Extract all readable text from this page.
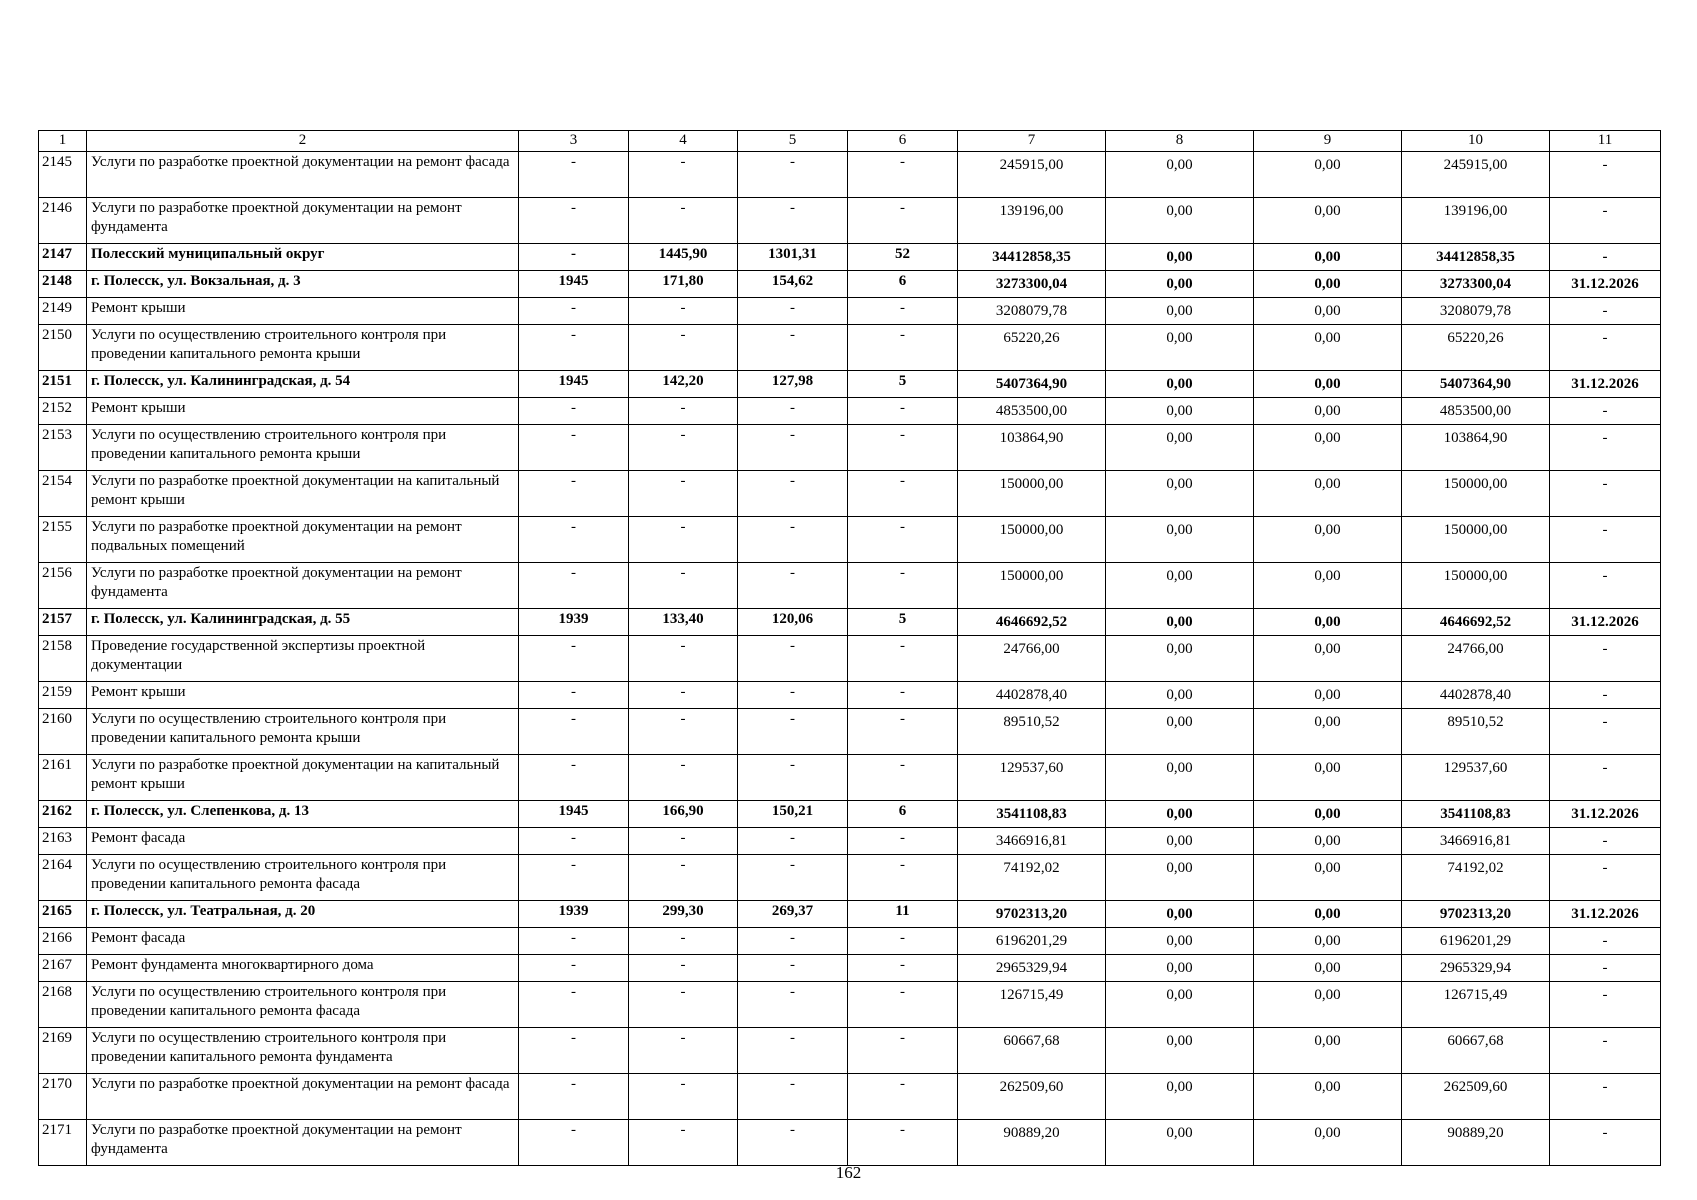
1	2	3	4	5	6	7	8	9	10	11
2145	Услуги по разработке проектной документации на ремонт фасада	-	-	-	-	245915,00	0,00	0,00	245915,00	-
2146	Услуги по разработке проектной документации на ремонт фундамента	-	-	-	-	139196,00	0,00	0,00	139196,00	-
2147	Полесский муниципальный округ	-	1445,90	1301,31	52	34412858,35	0,00	0,00	34412858,35	-
2148	г. Полесск, ул. Вокзальная, д. 3	1945	171,80	154,62	6	3273300,04	0,00	0,00	3273300,04	31.12.2026
2149	Ремонт крыши	-	-	-	-	3208079,78	0,00	0,00	3208079,78	-
2150	Услуги по осуществлению строительного контроля при проведении капитального ремонта крыши	-	-	-	-	65220,26	0,00	0,00	65220,26	-
2151	г. Полесск, ул. Калининградская, д. 54	1945	142,20	127,98	5	5407364,90	0,00	0,00	5407364,90	31.12.2026
2152	Ремонт крыши	-	-	-	-	4853500,00	0,00	0,00	4853500,00	-
2153	Услуги по осуществлению строительного контроля при проведении капитального ремонта крыши	-	-	-	-	103864,90	0,00	0,00	103864,90	-
2154	Услуги по разработке проектной документации на капитальный ремонт крыши	-	-	-	-	150000,00	0,00	0,00	150000,00	-
2155	Услуги по разработке проектной документации на ремонт подвальных помещений	-	-	-	-	150000,00	0,00	0,00	150000,00	-
2156	Услуги по разработке проектной документации на ремонт фундамента	-	-	-	-	150000,00	0,00	0,00	150000,00	-
2157	г. Полесск, ул. Калининградская, д. 55	1939	133,40	120,06	5	4646692,52	0,00	0,00	4646692,52	31.12.2026
2158	Проведение государственной экспертизы проектной документации	-	-	-	-	24766,00	0,00	0,00	24766,00	-
2159	Ремонт крыши	-	-	-	-	4402878,40	0,00	0,00	4402878,40	-
2160	Услуги по осуществлению строительного контроля при проведении капитального ремонта крыши	-	-	-	-	89510,52	0,00	0,00	89510,52	-
2161	Услуги по разработке проектной документации на капитальный ремонт крыши	-	-	-	-	129537,60	0,00	0,00	129537,60	-
2162	г. Полесск, ул. Слепенкова, д. 13	1945	166,90	150,21	6	3541108,83	0,00	0,00	3541108,83	31.12.2026
2163	Ремонт фасада	-	-	-	-	3466916,81	0,00	0,00	3466916,81	-
2164	Услуги по осуществлению строительного контроля при проведении капитального ремонта фасада	-	-	-	-	74192,02	0,00	0,00	74192,02	-
2165	г. Полесск, ул. Театральная, д. 20	1939	299,30	269,37	11	9702313,20	0,00	0,00	9702313,20	31.12.2026
2166	Ремонт фасада	-	-	-	-	6196201,29	0,00	0,00	6196201,29	-
2167	Ремонт фундамента многоквартирного дома	-	-	-	-	2965329,94	0,00	0,00	2965329,94	-
2168	Услуги по осуществлению строительного контроля при проведении капитального ремонта фасада	-	-	-	-	126715,49	0,00	0,00	126715,49	-
2169	Услуги по осуществлению строительного контроля при проведении капитального ремонта фундамента	-	-	-	-	60667,68	0,00	0,00	60667,68	-
2170	Услуги по разработке проектной документации на ремонт фасада	-	-	-	-	262509,60	0,00	0,00	262509,60	-
2171	Услуги по разработке проектной документации на ремонт фундамента	-	-	-	-	90889,20	0,00	0,00	90889,20	-
162
